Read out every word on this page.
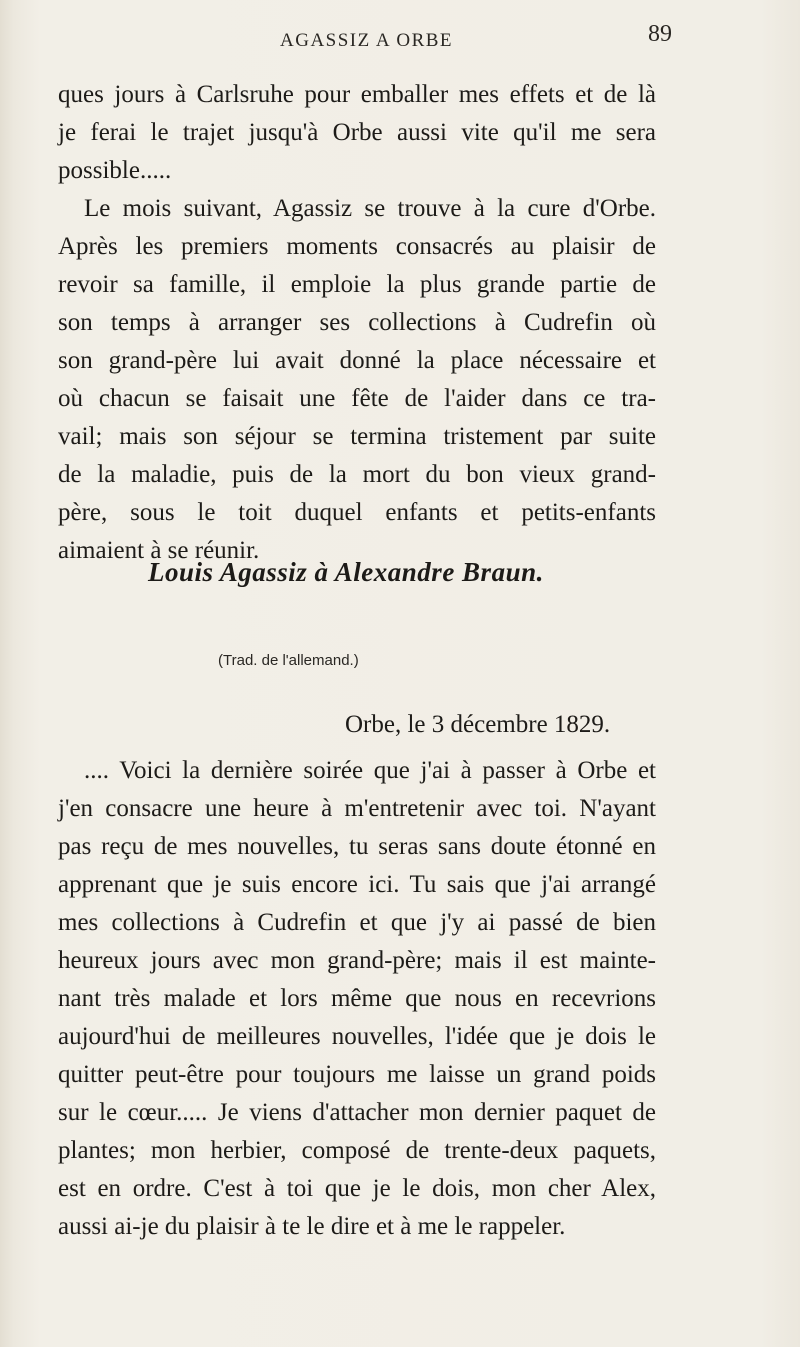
AGASSIZ A ORBE	89

ques jours à Carlsruhe pour emballer mes effets et de là
je ferai le trajet jusqu'à Orbe aussi vite qu'il me sera
possible.....

Le mois suivant, Agassiz se trouve à la cure d'Orbe.
Après les premiers moments consacrés au plaisir de
revoir sa famille, il emploie la plus grande partie de
son temps à arranger ses collections à Cudrefin où
son grand-père lui avait donné la place nécessaire et
où chacun se faisait une fête de l'aider dans ce tra-
vail; mais son séjour se termina tristement par suite
de la maladie, puis de la mort du bon vieux grand-
père, sous le toit duquel enfants et petits-enfants
aimaient à se réunir.

Louis Agassiz à Alexandre Braun.
(Trad. de l'allemand.)
Orbe, le 3 décembre 1829.

.... Voici la dernière soirée que j'ai à passer à Orbe et
j'en consacre une heure à m'entretenir avec toi. N'ayant
pas reçu de mes nouvelles, tu seras sans doute étonné en
apprenant que je suis encore ici. Tu sais que j'ai arrangé
mes collections à Cudrefin et que j'y ai passé de bien
heureux jours avec mon grand-père; mais il est mainte-
nant très malade et lors même que nous en recevrions
aujourd'hui de meilleures nouvelles, l'idée que je dois le
quitter peut-être pour toujours me laisse un grand poids
sur le cœur..... Je viens d'attacher mon dernier paquet de
plantes; mon herbier, composé de trente-deux paquets,
est en ordre. C'est à toi que je le dois, mon cher Alex,
aussi ai-je du plaisir à te le dire et à me le rappeler.
